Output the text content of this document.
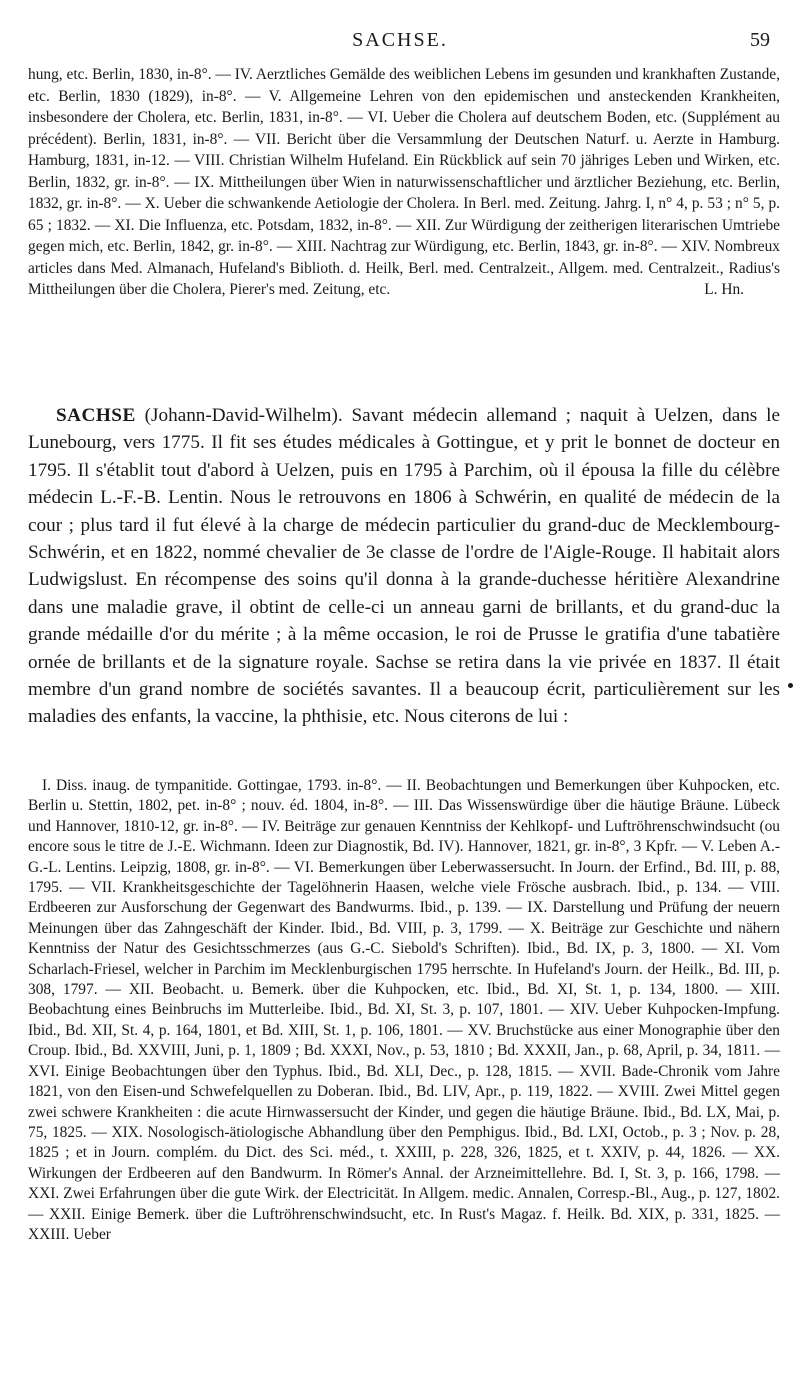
SACHSE.	59

hung, etc. Berlin, 1830, in-8°. — IV. Aerztliches Gemälde des weiblichen Lebens im gesunden und krankhaften Zustande, etc. Berlin, 1830 (1829), in-8°. — V. Allgemeine Lehren von den epidemischen und ansteckenden Krankheiten, insbesondere der Cholera, etc. Berlin, 1831, in-8°. — VI. Ueber die Cholera auf deutschem Boden, etc. (Supplément au précédent). Berlin, 1831, in-8°. — VII. Bericht über die Versammlung der Deutschen Naturf. u. Aerzte in Hamburg. Hamburg, 1831, in-12. — VIII. Christian Wilhelm Hufeland. Ein Rückblick auf sein 70 jähriges Leben und Wirken, etc. Berlin, 1832, gr. in-8°. — IX. Mittheilungen über Wien in naturwissenschaftlicher und ärztlicher Beziehung, etc. Berlin, 1832, gr. in-8°. — X. Ueber die schwankende Aetiologie der Cholera. In Berl. med. Zeitung. Jahrg. I, n° 4, p. 53 ; n° 5, p. 65 ; 1832. — XI. Die Influenza, etc. Potsdam, 1832, in-8°. — XII. Zur Würdigung der zeitherigen literarischen Umtriebe gegen mich, etc. Berlin, 1842, gr. in-8°. — XIII. Nachtrag zur Würdigung, etc. Berlin, 1843, gr. in-8°. — XIV. Nombreux articles dans Med. Almanach, Hufeland's Biblioth. d. Heilk, Berl. med. Centralzeit., Allgem. med. Centralzeit., Radius's Mittheilungen über die Cholera, Pierer's med. Zeitung, etc.	L. Hn.

SACHSE (Johann-David-Wilhelm). Savant médecin allemand ; naquit à Uelzen, dans le Lunebourg, vers 1775. Il fit ses études médicales à Gottingue, et y prit le bonnet de docteur en 1795. Il s'établit tout d'abord à Uelzen, puis en 1795 à Parchim, où il épousa la fille du célèbre médecin L.-F.-B. Lentin. Nous le retrouvons en 1806 à Schwérin, en qualité de médecin de la cour ; plus tard il fut élevé à la charge de médecin particulier du grand-duc de Mecklembourg-Schwérin, et en 1822, nommé chevalier de 3e classe de l'ordre de l'Aigle-Rouge. Il habitait alors Ludwigslust. En récompense des soins qu'il donna à la grande-duchesse héritière Alexandrine dans une maladie grave, il obtint de celle-ci un anneau garni de brillants, et du grand-duc la grande médaille d'or du mérite ; à la même occasion, le roi de Prusse le gratifia d'une tabatière ornée de brillants et de la signature royale. Sachse se retira dans la vie privée en 1837. Il était membre d'un grand nombre de sociétés savantes. Il a beaucoup écrit, particulièrement sur les maladies des enfants, la vaccine, la phthisie, etc. Nous citerons de lui :

I. Diss. inaug. de tympanitide. Gottingae, 1793. in-8°. — II. Beobachtungen und Bemerkungen über Kuhpocken, etc. Berlin u. Stettin, 1802, pet. in-8° ; nouv. éd. 1804, in-8°. — III. Das Wissenswürdige über die häutige Bräune. Lübeck und Hannover, 1810-12, gr. in-8°. — IV. Beiträge zur genauen Kenntniss der Kehlkopf- und Luftröhrenschwindsucht (ou encore sous le titre de J.-E. Wichmann. Ideen zur Diagnostik, Bd. IV). Hannover, 1821, gr. in-8°, 3 Kpfr. — V. Leben A.-G.-L. Lentins. Leipzig, 1808, gr. in-8°. — VI. Bemerkungen über Leberwassersucht. In Journ. der Erfind., Bd. III, p. 88, 1795. — VII. Krankheitsgeschichte der Tagelöhnerin Haasen, welche viele Frösche ausbrach. Ibid., p. 134. — VIII. Erdbeeren zur Ausforschung der Gegenwart des Bandwurms. Ibid., p. 139. — IX. Darstellung und Prüfung der neuern Meinungen über das Zahngeschäft der Kinder. Ibid., Bd. VIII, p. 3, 1799. — X. Beiträge zur Geschichte und nähern Kenntniss der Natur des Gesichtsschmerzes (aus G.-C. Siebold's Schriften). Ibid., Bd. IX, p. 3, 1800. — XI. Vom Scharlach-Friesel, welcher in Parchim im Mecklenburgischen 1795 herrschte. In Hufeland's Journ. der Heilk., Bd. III, p. 308, 1797. — XII. Beobacht. u. Bemerk. über die Kuhpocken, etc. Ibid., Bd. XI, St. 1, p. 134, 1800. — XIII. Beobachtung eines Beinbruchs im Mutterleibe. Ibid., Bd. XI, St. 3, p. 107, 1801. — XIV. Ueber Kuhpocken-Impfung. Ibid., Bd. XII, St. 4, p. 164, 1801, et Bd. XIII, St. 1, p. 106, 1801. — XV. Bruchstücke aus einer Monographie über den Croup. Ibid., Bd. XXVIII, Juni, p. 1, 1809 ; Bd. XXXI, Nov., p. 53, 1810 ; Bd. XXXII, Jan., p. 68, April, p. 34, 1811. — XVI. Einige Beobachtungen über den Typhus. Ibid., Bd. XLI, Dec., p. 128, 1815. — XVII. Bade-Chronik vom Jahre 1821, von den Eisen-und Schwefelquellen zu Doberan. Ibid., Bd. LIV, Apr., p. 119, 1822. — XVIII. Zwei Mittel gegen zwei schwere Krankheiten : die acute Hirnwassersucht der Kinder, und gegen die häutige Bräune. Ibid., Bd. LX, Mai, p. 75, 1825. — XIX. Nosologisch-ätiologische Abhandlung über den Pemphigus. Ibid., Bd. LXI, Octob., p. 3 ; Nov. p. 28, 1825 ; et in Journ. complém. du Dict. des Sci. méd., t. XXIII, p. 228, 326, 1825, et t. XXIV, p. 44, 1826. — XX. Wirkungen der Erdbeeren auf den Bandwurm. In Römer's Annal. der Arzneimittellehre. Bd. I, St. 3, p. 166, 1798. — XXI. Zwei Erfahrungen über die gute Wirk. der Electricität. In Allgem. medic. Annalen, Corresp.-Bl., Aug., p. 127, 1802. — XXII. Einige Bemerk. über die Luftröhrenschwindsucht, etc. In Rust's Magaz. f. Heilk. Bd. XIX, p. 331, 1825. — XXIII. Ueber
